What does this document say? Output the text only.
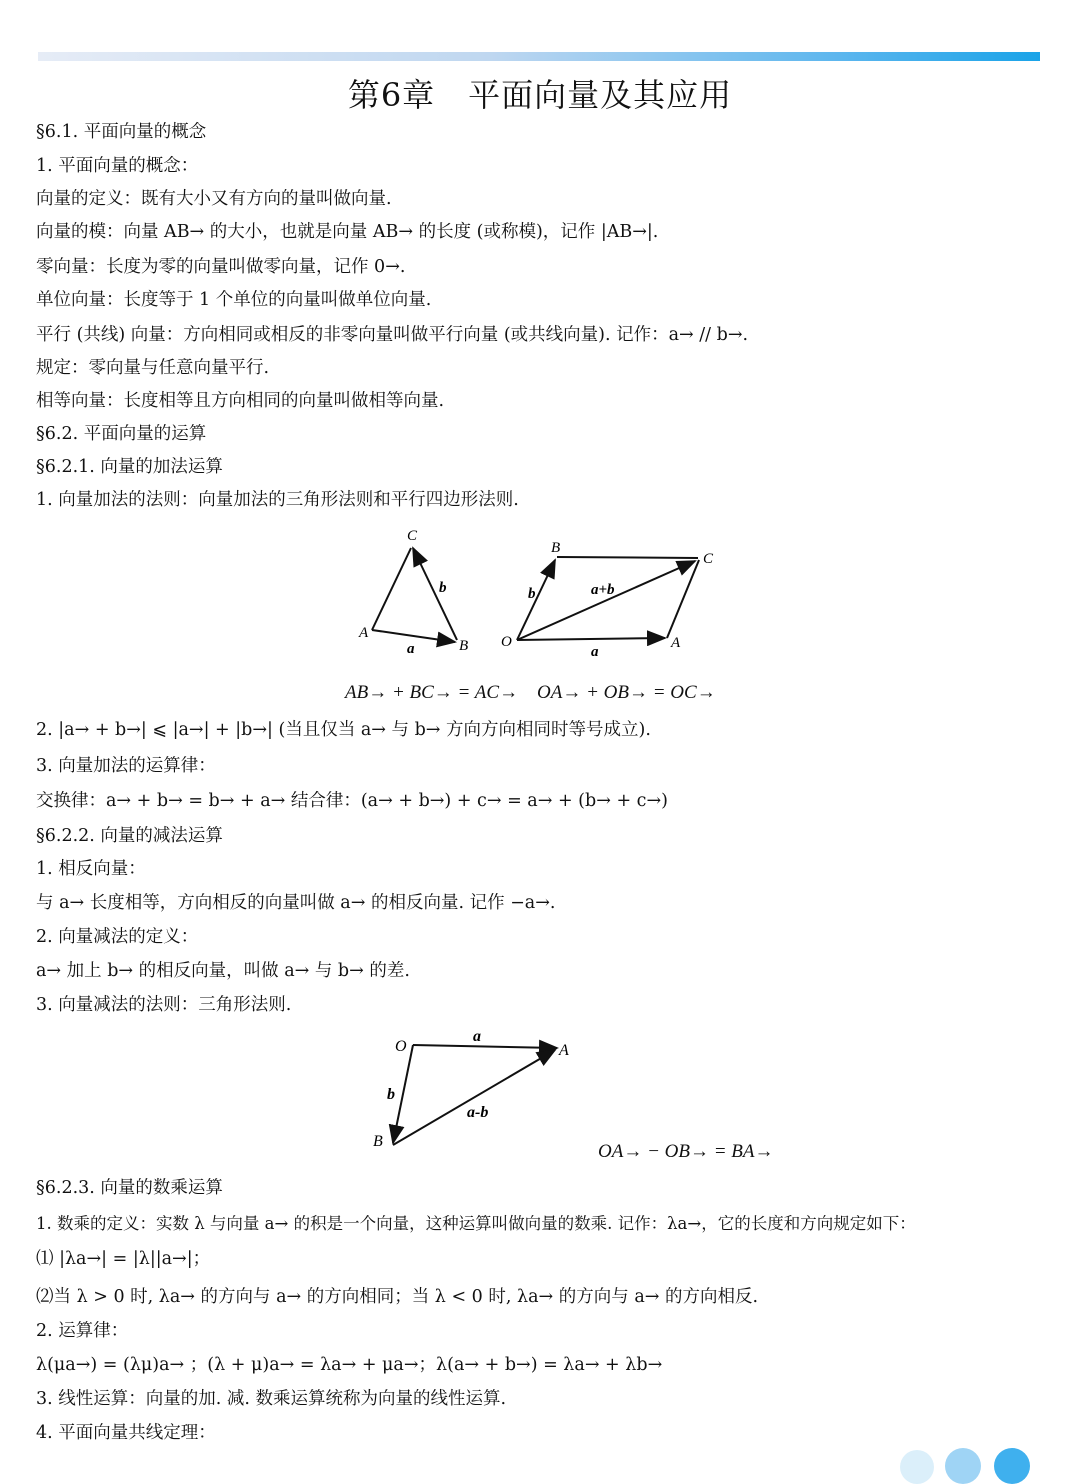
第6章　平面向量及其应用
§6.1. 平面向量的概念
1. 平面向量的概念：
向量的定义：既有大小又有方向的量叫做向量.
向量的模：向量 AB→ 的大小，也就是向量 AB→ 的长度 (或称模)，记作 |AB→|.
零向量：长度为零的向量叫做零向量，记作 0→.
单位向量：长度等于 1 个单位的向量叫做单位向量.
平行 (共线) 向量：方向相同或相反的非零向量叫做平行向量 (或共线向量). 记作：a→ // b→.
规定：零向量与任意向量平行.
相等向量：长度相等且方向相同的向量叫做相等向量.
§6.2. 平面向量的运算
§6.2.1. 向量的加法运算
1. 向量加法的法则：向量加法的三角形法则和平行四边形法则.
C
A
B
b
a
B
C
O	A
b	a+b
a
AB→ + BC→ = AC→ OA→ + OB→ = OC→
2. |a→ + b→| ⩽ |a→| + |b→| (当且仅当 a→ 与 b→ 方向方向相同时等号成立).
3. 向量加法的运算律：
交换律：a→ + b→ = b→ + a→ 结合律：(a→ + b→) + c→ = a→ + (b→ + c→)
§6.2.2. 向量的减法运算
1. 相反向量：
与 a→ 长度相等，方向相反的向量叫做 a→ 的相反向量. 记作 −a→.
2. 向量减法的定义：
a→ 加上 b→ 的相反向量，叫做 a→ 与 b→ 的差.
3. 向量减法的法则：三角形法则.
O	A
B
a
b
a-b
OA→ − OB→ = BA→
§6.2.3. 向量的数乘运算
1. 数乘的定义：实数 λ 与向量 a→ 的积是一个向量，这种运算叫做向量的数乘. 记作：λa→，它的长度和方向规定如下：
⑴ |λa→| = |λ||a→|；
⑵当 λ > 0 时, λa→ 的方向与 a→ 的方向相同；当 λ < 0 时, λa→ 的方向与 a→ 的方向相反.
2. 运算律：
λ(μa→) = (λμ)a→ ；(λ + μ)a→ = λa→ + μa→；λ(a→ + b→) = λa→ + λb→
3. 线性运算：向量的加. 减. 数乘运算统称为向量的线性运算.
4. 平面向量共线定理：
